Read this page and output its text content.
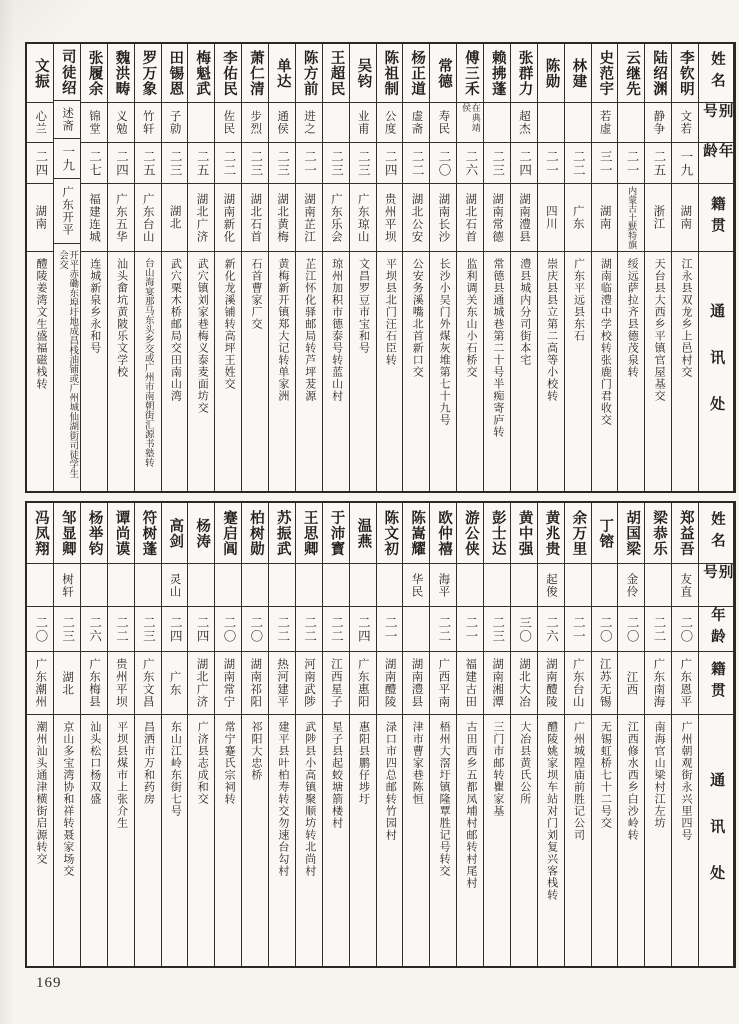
姓名
别号
年龄
籍贯
通讯处
李钦明
文若
一九
湖南
江永县双龙乡上邑村交
陆绍渊
静争
二五
浙江
天台县大西乡平镇官屋基交
云继先
二一
内蒙古土默特旗
绥远萨拉齐县德茂泉转
史范宇
若虚
三一
湖南
湖南临澧中学校转张鹿门君收交
林建
二二
广东
广东平远县东石
陈勋
二一
四川
崇庆县县立第二高等小校转
张群力
超杰
二四
湖南澧县
澧县城内分司街本宅
赖拂蓬
二三
湖南常德
常德县通城巷第二十号半痴寄庐转
傅三禾
在典靖侯
二六
湖北石首
监利调关东山小石桥交
常德
寿民
二〇
湖南长沙
长沙小吴门外煤灰堆第七十九号
杨正道
虚斋
二二
湖北公安
公安务溪嘴北首新口交
陈祖制
公度
二四
贵州平坝
平坝县北门汪石臣转
吴钧
业甫
二三
广东琼山
文昌罗豆市宝和号
王超民
二三
广东乐会
琼州加积市德泰号转蓝山村
陈方前
进之
二一
湖南芷江
芷江怀化驿邮局转芦坪茇源
单达
通侯
二三
湖北黄梅
黄梅新开镇郑大记转单家洲
萧仁清
步烈
二三
湖北石首
石首曹家厂交
李佑民
佐民
二二
湖南新化
新化龙溪铺转高坪王姓交
梅魁武
二五
湖北广济
武穴镇刘家巷梅义泰麦面坊交
田锡恩
子勍
二三
湖北
武穴栗木桥邮局交田南山湾
罗万象
竹轩
二五
广东台山
台山海宴那马东头乡交或广州市南朝街汇源书塾转
魏洪畴
义勉
二四
广东五华
汕头畲坑黄陂乐文学校
张履余
锦堂
二七
福建连城
连城新泉乡永和号
司徒绍
述斋
一九
广东开平
开平赤磡东埠圩地成昌栈油铺或广州城仙湖街司徒学生会交
文振
心兰
二四
湖南
醴陵姜湾文生盛福磁栈转
姓名
别号
年龄
籍贯
通讯处
郑益吾
友直
二〇
广东恩平
广州朝观街永兴里四号
梁恭乐
二二
广东南海
南海官山梁村江左坊
胡国梁
金伶
二〇
江西
江西修水西乡白沙岭转
丁镕
二〇
江苏无锡
无锡虹桥七十二号交
余万里
二一
广东台山
广州城隍庙前胜记公司
黄兆贵
起俊
二六
湖南醴陵
醴陵姚家坝车站对门刘复兴客栈转
黄中强
三〇
湖北大冶
大冶县黄氏公所
彭士达
二三
湖南湘潭
三门市邮转瞿家基
游公侠
二一
福建古田
古田西乡五都凤埔村邮转村尾村
欧仲禧
海平
二二
广西平南
梧州大滘圩镇隆覃胜记号转交
陈嵩耀
华民
湖南澧县
津市曹家巷陈恒
陈文初
二一
湖南醴陵
渌口市四总邮转竹园村
温燕
二四
广东惠阳
惠阳县鹏仔埗圩
于沛寳
二二
江西星子
星子县起蛟塘箭楼村
王思卿
二二
河南武陟
武陟县小高镇聚顺坊转北尚村
苏振武
二二
热河建平
建平县叶柏寿转交勿速台勾村
柏树勋
二〇
湖南祁阳
祁阳大忠桥
蹇启阊
二〇
湖南常宁
常宁蹇氏宗祠转
杨涛
二四
湖北广济
广济县志成和交
高剑
灵山
二四
广东
东山江岭东街七号
符树蓬
二三
广东文昌
昌洒市万和药房
谭尚谟
二二
贵州平坝
平坝县煤市上张介生
杨举钧
二六
广东梅县
汕头松口杨双盛
邹显卿
树轩
二三
湖北
京山多宝湾协和祥转聂家场交
冯凤翔
二〇
广东潮州
潮州汕头通津横街启源转交
169
